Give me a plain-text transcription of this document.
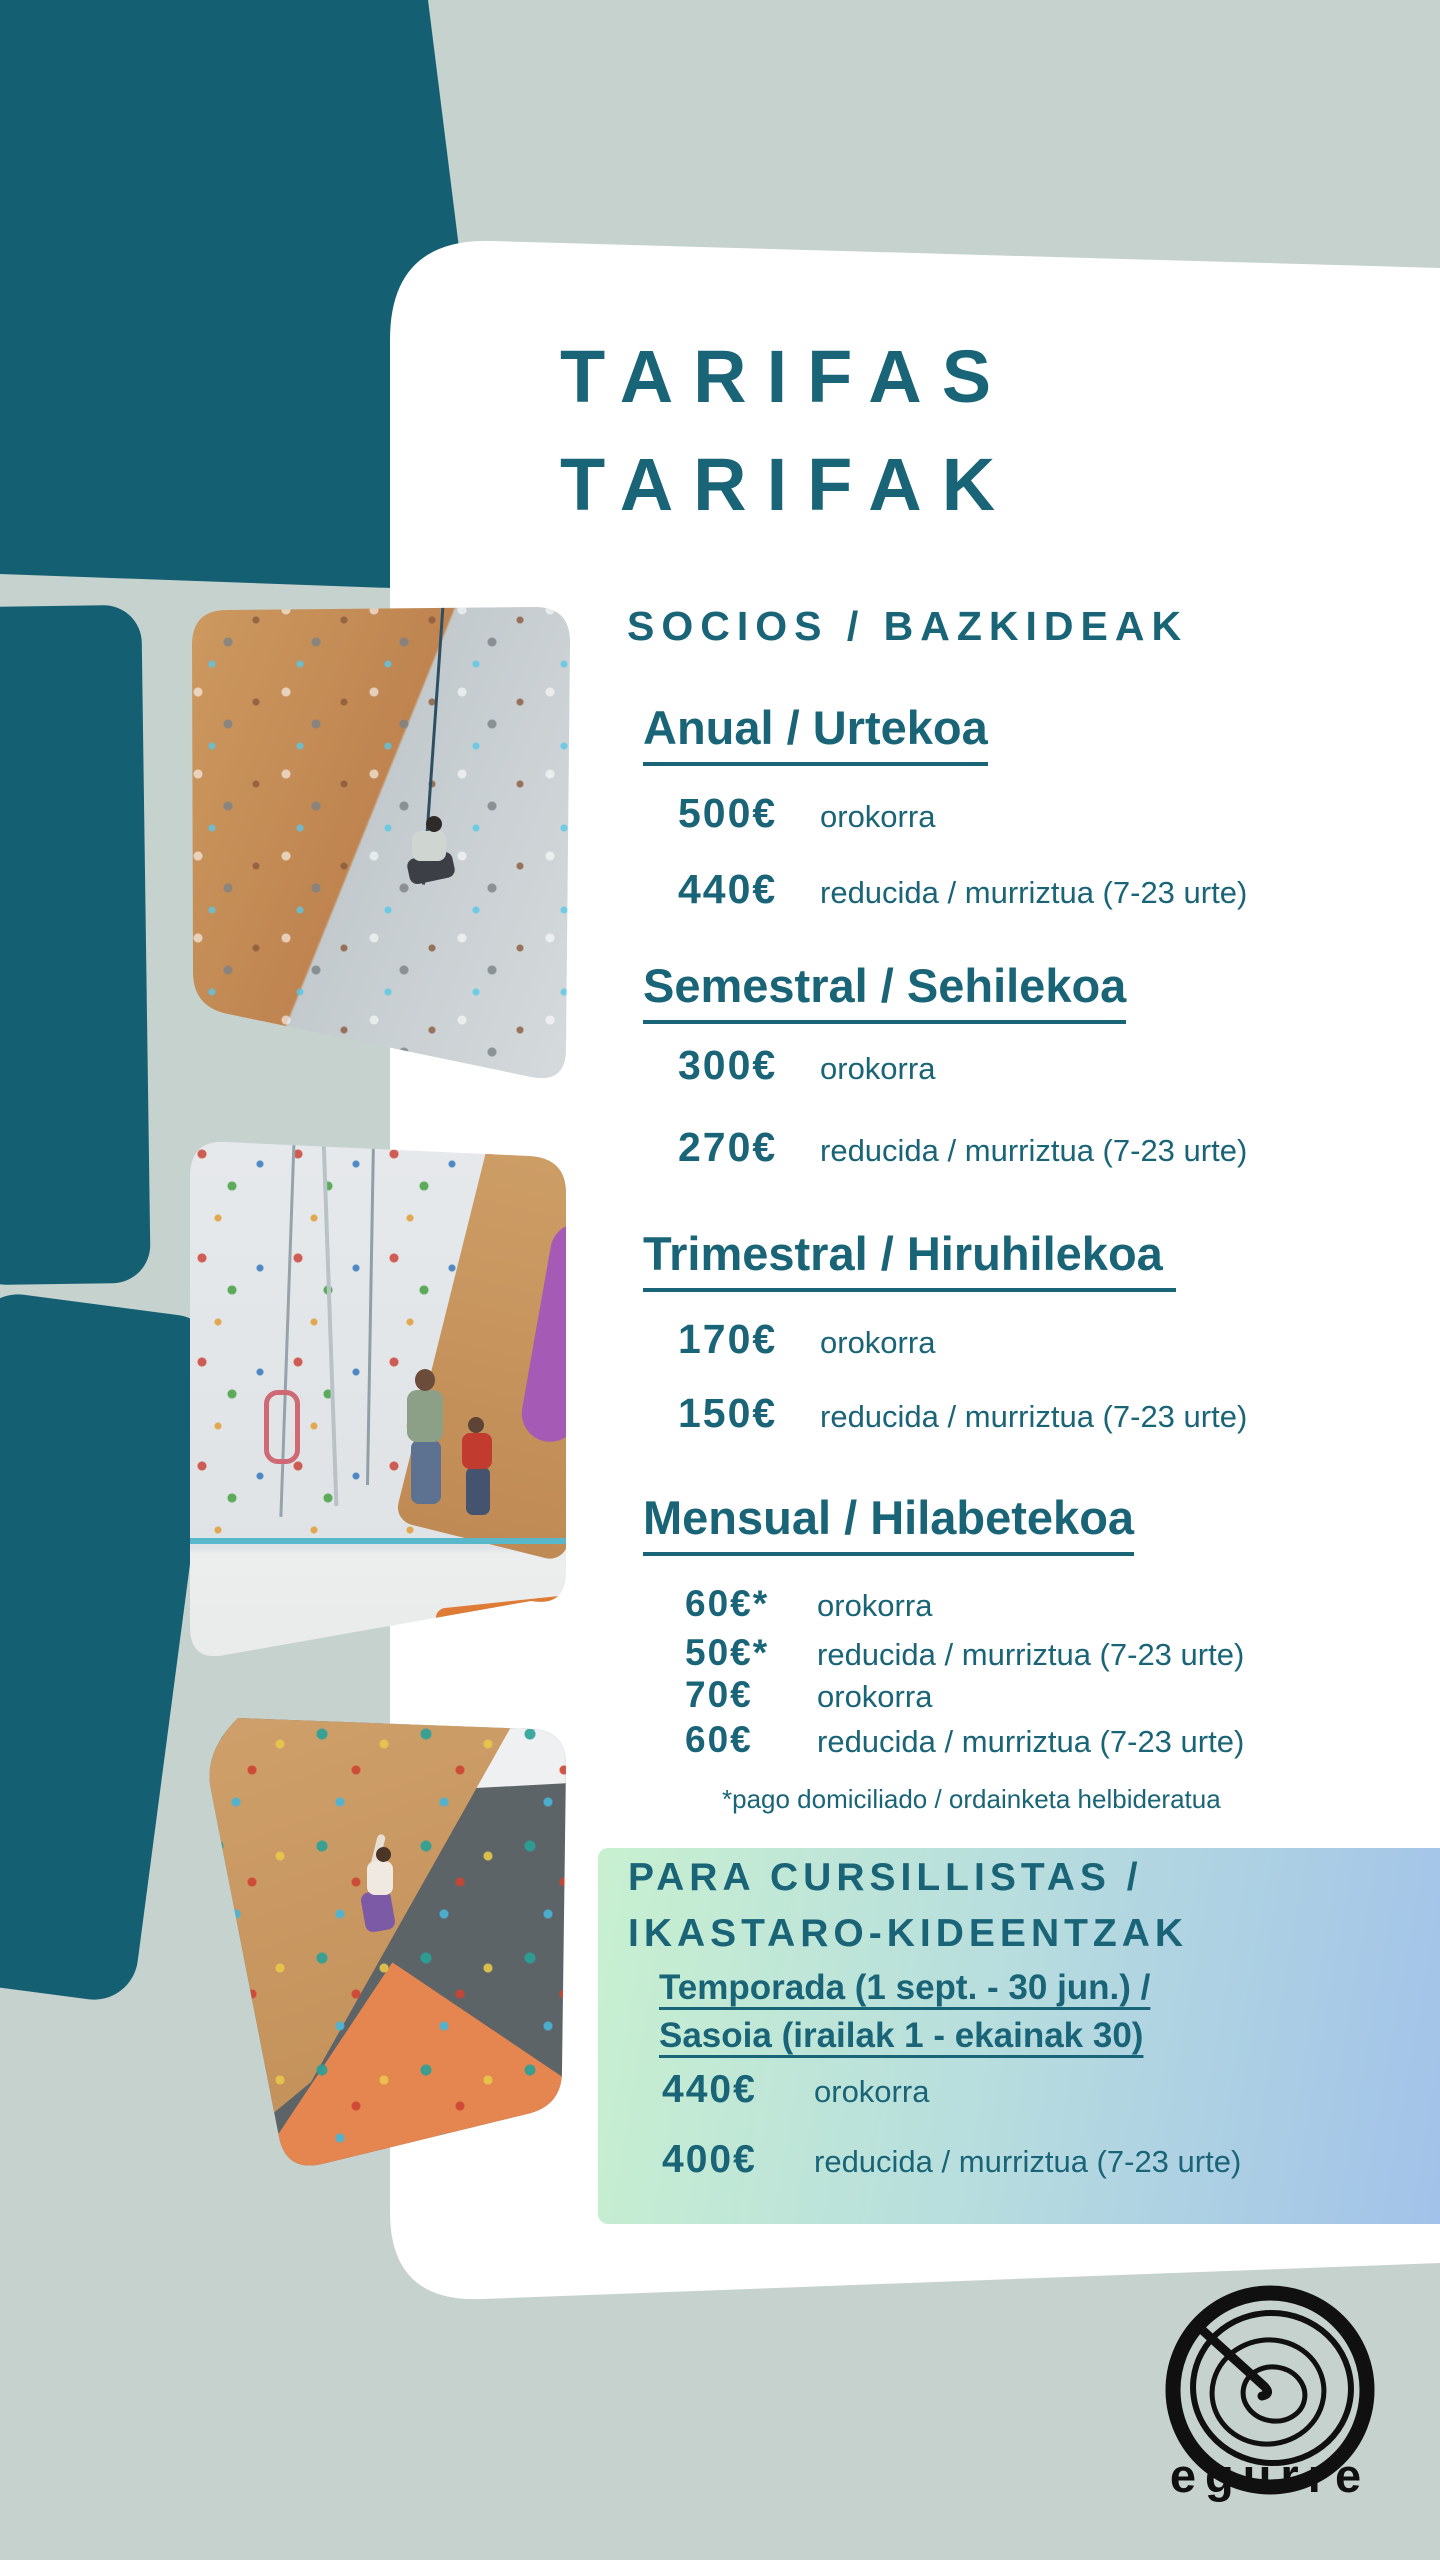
TARIFAS
TARIFAK
SOCIOS / BAZKIDEAK
Anual / Urtekoa
500€	orokorra
440€	reducida / murriztua (7-23 urte)
Semestral / Sehilekoa
300€	orokorra
270€	reducida / murriztua (7-23 urte)
Trimestral / Hiruhilekoa
170€	orokorra
150€	reducida / murriztua (7-23 urte)
Mensual / Hilabetekoa
60€*	orokorra
50€*	reducida / murriztua (7-23 urte)
70€	orokorra
60€	reducida / murriztua (7-23 urte)
*pago domiciliado / ordainketa helbideratua
PARA CURSILLISTAS /
IKASTARO-KIDEENTZAK
Temporada (1 sept. - 30 jun.) /
Sasoia (irailak 1 - ekainak 30)
440€	orokorra
400€	reducida / murriztua (7-23 urte)
egurre
